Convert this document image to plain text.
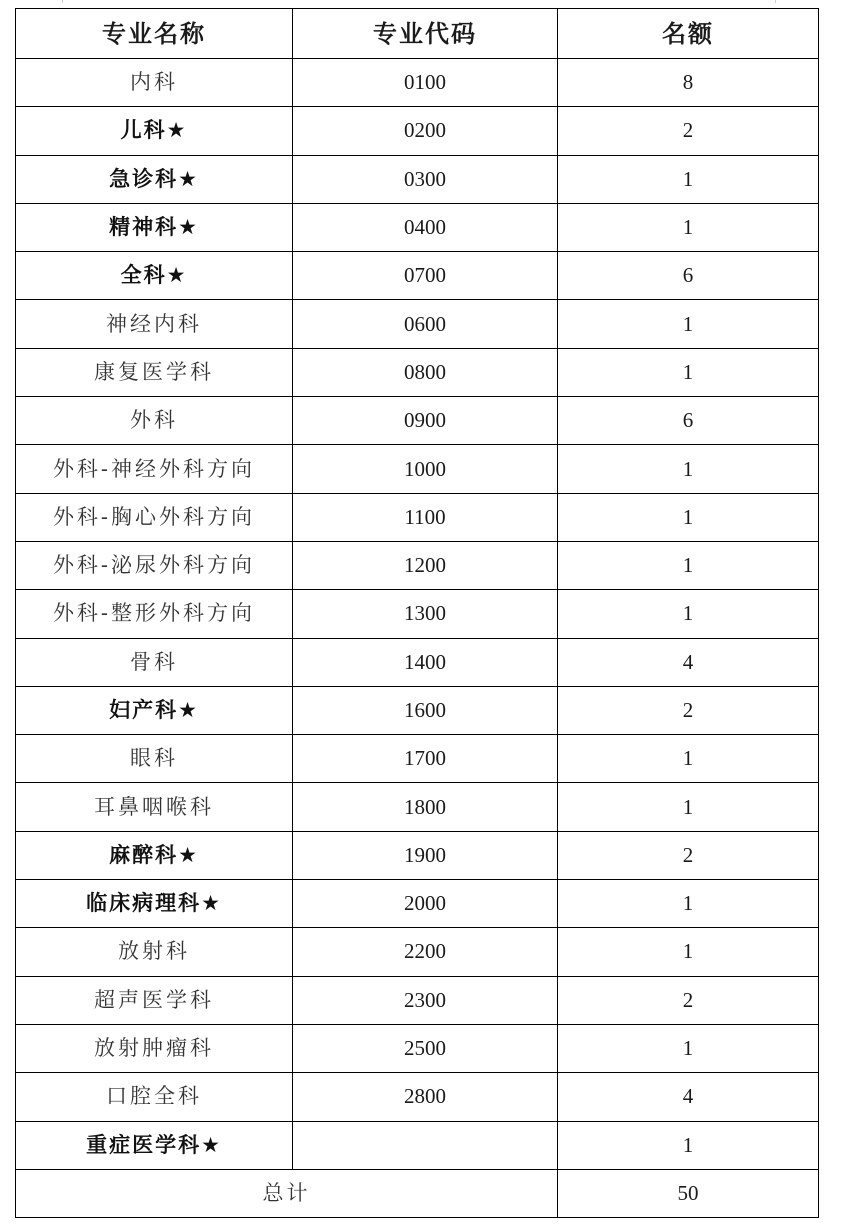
专业名称	专业代码	名额
内科	0100	8
儿科★	0200	2
急诊科★	0300	1
精神科★	0400	1
全科★	0700	6
神经内科	0600	1
康复医学科	0800	1
外科	0900	6
外科-神经外科方向	1000	1
外科-胸心外科方向	1100	1
外科-泌尿外科方向	1200	1
外科-整形外科方向	1300	1
骨科	1400	4
妇产科★	1600	2
眼科	1700	1
耳鼻咽喉科	1800	1
麻醉科★	1900	2
临床病理科★	2000	1
放射科	2200	1
超声医学科	2300	2
放射肿瘤科	2500	1
口腔全科	2800	4
重症医学科★		1
总计		50
